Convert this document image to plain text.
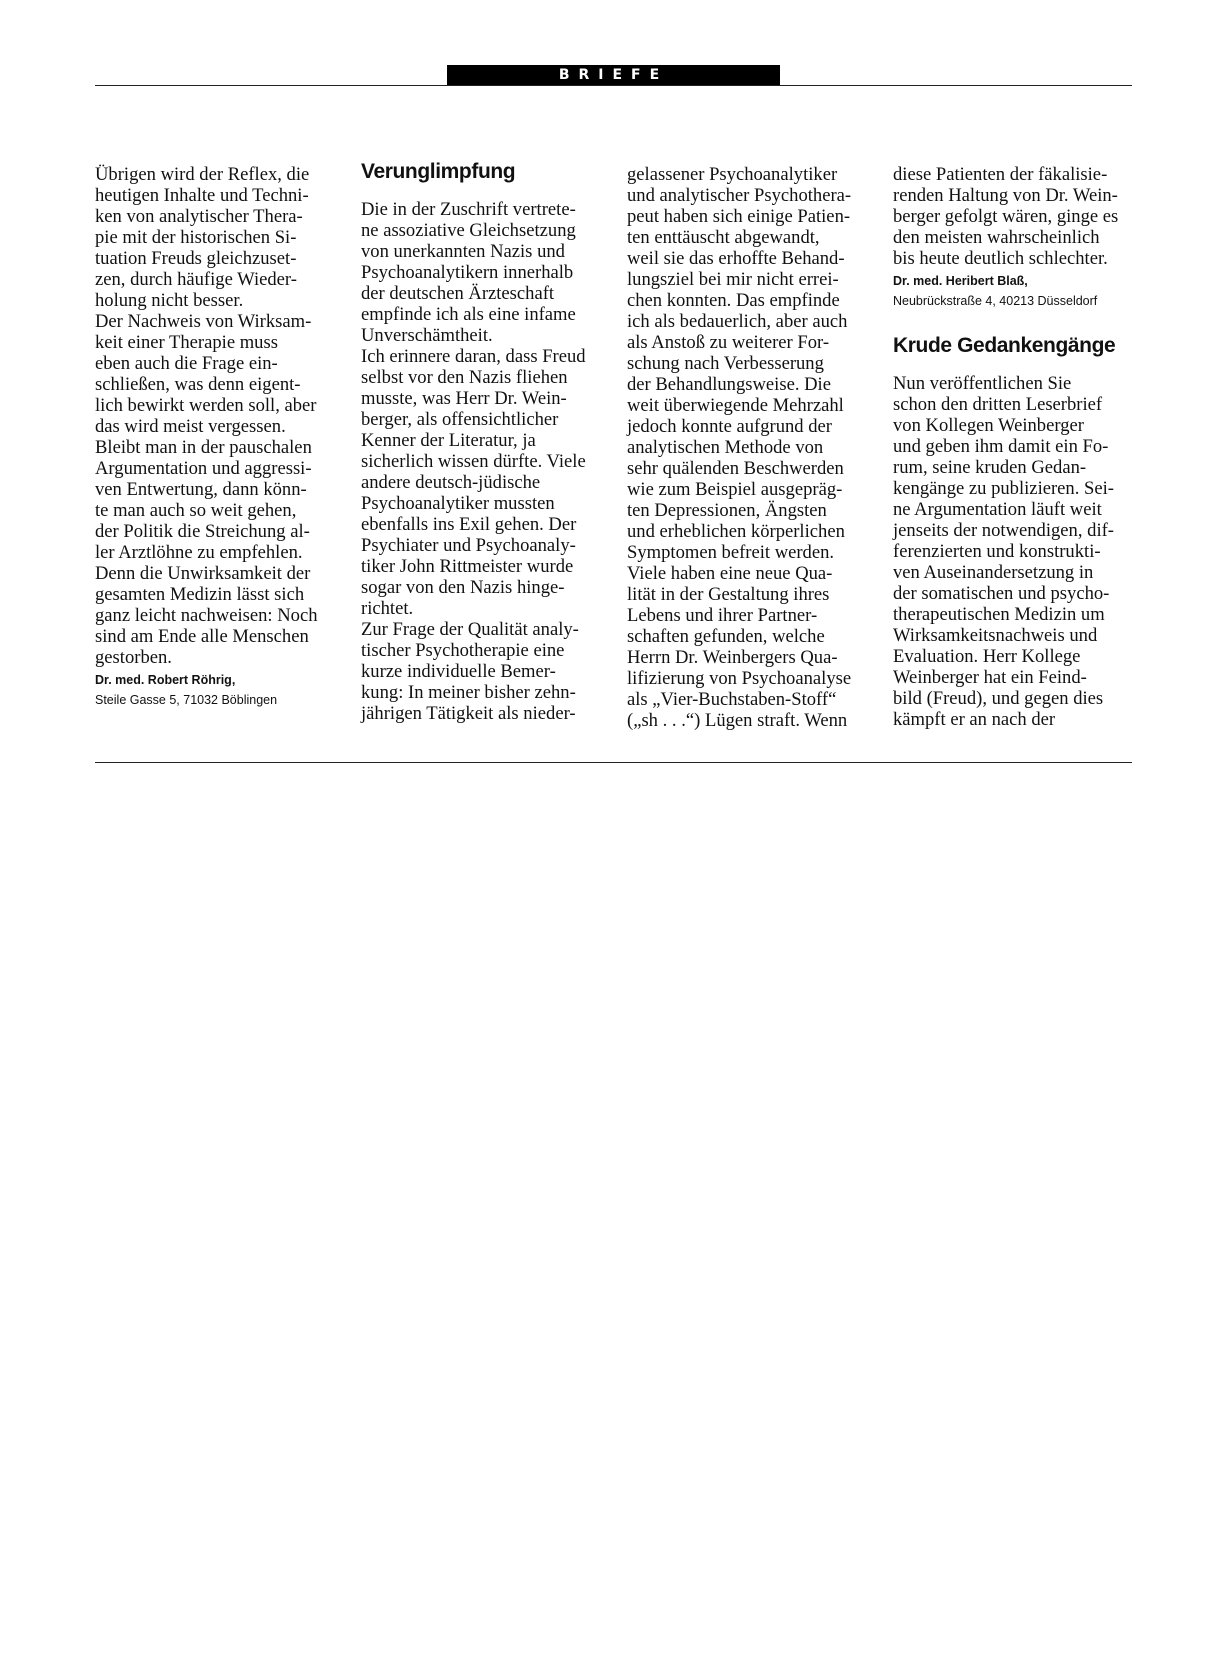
BRIEFE
Übrigen wird der Reflex, die
heutigen Inhalte und Techni-
ken von analytischer Thera-
pie mit der historischen Si-
tuation Freuds gleichzuset-
zen, durch häufige Wieder-
holung nicht besser.
Der Nachweis von Wirksam-
keit einer Therapie muss
eben auch die Frage ein-
schließen, was denn eigent-
lich bewirkt werden soll, aber
das wird meist vergessen.
Bleibt man in der pauschalen
Argumentation und aggressi-
ven Entwertung, dann könn-
te man auch so weit gehen,
der Politik die Streichung al-
ler Arztlöhne zu empfehlen.
Denn die Unwirksamkeit der
gesamten Medizin lässt sich
ganz leicht nachweisen: Noch
sind am Ende alle Menschen
gestorben.
Dr. med. Robert Röhrig,
Steile Gasse 5, 71032 Böblingen
Verunglimpfung
Die in der Zuschrift vertrete-
ne assoziative Gleichsetzung
von unerkannten Nazis und
Psychoanalytikern innerhalb
der deutschen Ärzteschaft
empfinde ich als eine infame
Unverschämtheit.
Ich erinnere daran, dass Freud
selbst vor den Nazis fliehen
musste, was Herr Dr. Wein-
berger, als offensichtlicher
Kenner der Literatur, ja
sicherlich wissen dürfte. Viele
andere deutsch-jüdische
Psychoanalytiker mussten
ebenfalls ins Exil gehen. Der
Psychiater und Psychoanaly-
tiker John Rittmeister wurde
sogar von den Nazis hinge-
richtet.
Zur Frage der Qualität analy-
tischer Psychotherapie eine
kurze individuelle Bemer-
kung: In meiner bisher zehn-
jährigen Tätigkeit als nieder-
gelassener Psychoanalytiker
und analytischer Psychothera-
peut haben sich einige Patien-
ten enttäuscht abgewandt,
weil sie das erhoffte Behand-
lungsziel bei mir nicht errei-
chen konnten. Das empfinde
ich als bedauerlich, aber auch
als Anstoß zu weiterer For-
schung nach Verbesserung
der Behandlungsweise. Die
weit überwiegende Mehrzahl
jedoch konnte aufgrund der
analytischen Methode von
sehr quälenden Beschwerden
wie zum Beispiel ausgepräg-
ten Depressionen, Ängsten
und erheblichen körperlichen
Symptomen befreit werden.
Viele haben eine neue Qua-
lität in der Gestaltung ihres
Lebens und ihrer Partner-
schaften gefunden, welche
Herrn Dr. Weinbergers Qua-
lifizierung von Psychoanalyse
als „Vier-Buchstaben-Stoff“
(„sh . . .“) Lügen straft. Wenn
diese Patienten der fäkalisie-
renden Haltung von Dr. Wein-
berger gefolgt wären, ginge es
den meisten wahrscheinlich
bis heute deutlich schlechter.
Dr. med. Heribert Blaß,
Neubrückstraße 4, 40213 Düsseldorf
Krude Gedankengänge
Nun veröffentlichen Sie
schon den dritten Leserbrief
von Kollegen Weinberger
und geben ihm damit ein Fo-
rum, seine kruden Gedan-
kengänge zu publizieren. Sei-
ne Argumentation läuft weit
jenseits der notwendigen, dif-
ferenzierten und konstrukti-
ven Auseinandersetzung in
der somatischen und psycho-
therapeutischen Medizin um
Wirksamkeitsnachweis und
Evaluation. Herr Kollege
Weinberger hat ein Feind-
bild (Freud), und gegen dies
kämpft er an nach der
